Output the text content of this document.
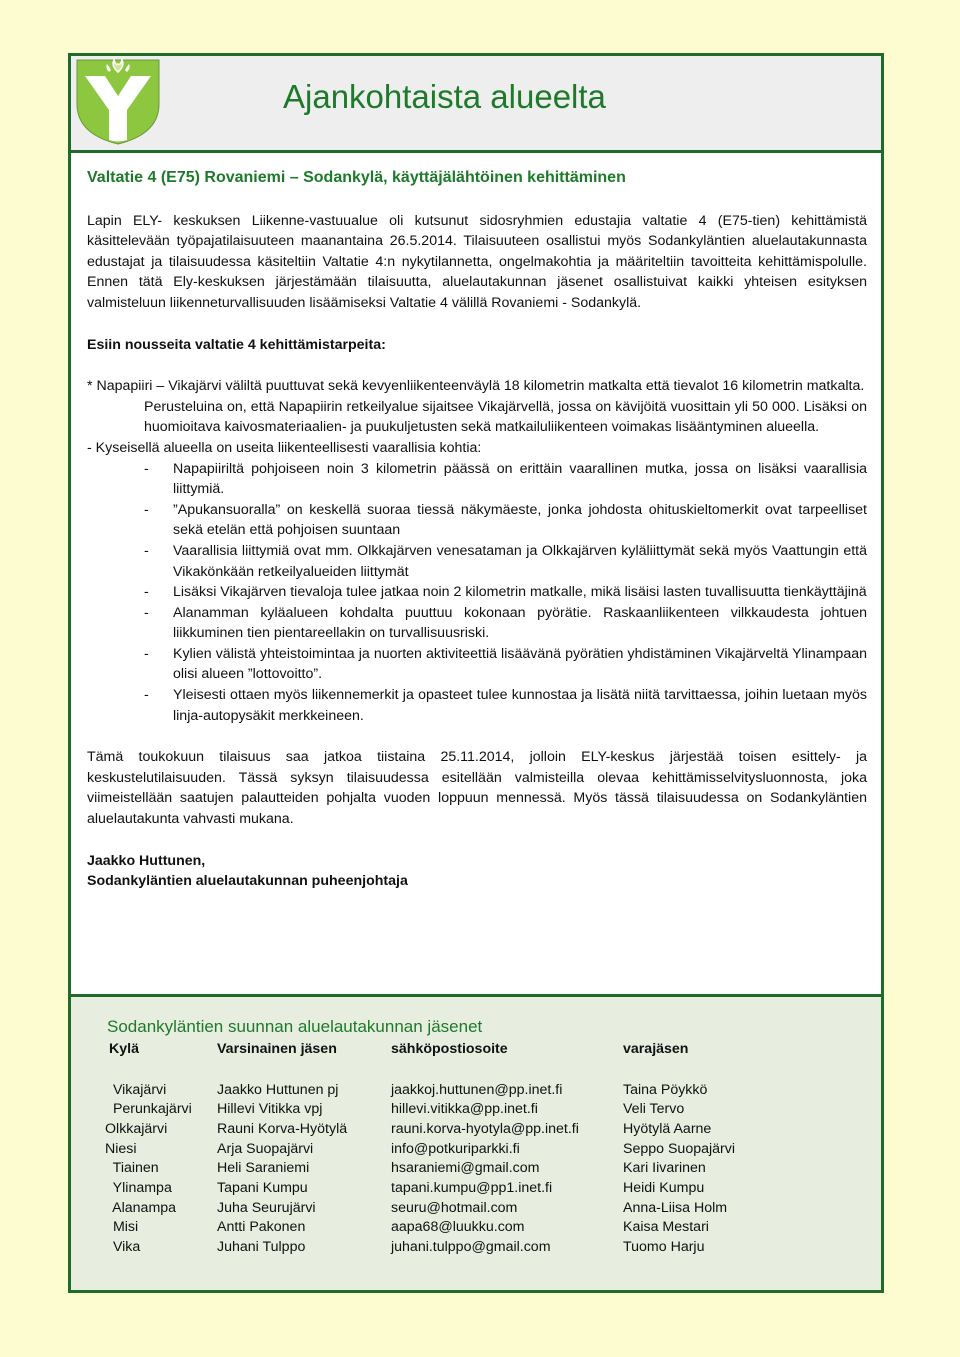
Ajankohtaista alueelta

Valtatie 4 (E75) Rovaniemi – Sodankylä, käyttäjälähtöinen kehittäminen

Lapin ELY- keskuksen Liikenne-vastuualue oli kutsunut sidosryhmien edustajia valtatie 4 (E75-tien) kehittämistä käsittelevään työpajatilaisuuteen maanantaina 26.5.2014. Tilaisuuteen osallistui myös Sodankyläntien aluelautakunnasta edustajat ja tilaisuudessa käsiteltiin Valtatie 4:n nykytilannetta, ongelmakohtia ja määriteltiin tavoitteita kehittämispolulle. Ennen tätä Ely-keskuksen järjestämään tilaisuutta, aluelautakunnan jäsenet osallistuivat kaikki yhteisen esityksen valmisteluun liikenneturvallisuuden lisäämiseksi Valtatie 4 välillä Rovaniemi - Sodankylä.

Esiin nousseita valtatie 4 kehittämistarpeita:

* Napapiiri – Vikajärvi väliltä puuttuvat sekä kevyenliikenteenväylä 18 kilometrin matkalta että tievalot 16 kilometrin matkalta.

Perusteluina on, että Napapiirin retkeilyalue sijaitsee Vikajärvellä, jossa on kävijöitä vuosittain yli 50 000. Lisäksi on huomioitava kaivosmateriaalien- ja puukuljetusten sekä matkailuliikenteen voimakas lisääntyminen alueella.

- Kyseisellä alueella on useita liikenteellisesti vaarallisia kohtia:

-	Napapiiriltä pohjoiseen noin 3 kilometrin päässä on erittäin vaarallinen mutka, jossa on lisäksi vaarallisia liittymiä.
-	”Apukansuoralla” on keskellä suoraa tiessä näkymäeste, jonka johdosta ohituskieltomerkit ovat tarpeelliset sekä etelän että pohjoisen suuntaan
-	Vaarallisia liittymiä ovat mm. Olkkajärven venesataman ja Olkkajärven kyläliittymät sekä myös Vaattungin että Vikakönkään retkeilyalueiden liittymät
-	Lisäksi Vikajärven tievaloja tulee jatkaa noin 2 kilometrin matkalle, mikä lisäisi lasten tuvallisuutta tienkäyttäjinä
-	Alanamman kyläalueen kohdalta puuttuu kokonaan pyörätie. Raskaanliikenteen vilkkaudesta johtuen liikkuminen tien pientareellakin on turvallisuusriski.
-	Kylien välistä yhteistoimintaa ja nuorten aktiviteettiä lisäävänä pyörätien yhdistäminen Vikajärveltä Ylinampaan olisi alueen ”lottovoitto”.
-	Yleisesti ottaen myös liikennemerkit ja opasteet tulee kunnostaa ja lisätä niitä tarvittaessa, joihin luetaan myös linja-autopysäkit merkkeineen.

Tämä toukokuun tilaisuus saa jatkoa tiistaina 25.11.2014, jolloin ELY-keskus järjestää toisen esittely- ja keskustelutilaisuuden. Tässä syksyn tilaisuudessa esitellään valmisteilla olevaa kehittämisselvitysluonnosta, joka viimeistellään saatujen palautteiden pohjalta vuoden loppuun mennessä. Myös tässä tilaisuudessa on Sodankyläntien aluelautakunta vahvasti mukana.

Jaakko Huttunen,

Sodankyläntien aluelautakunnan puheenjohtaja

Sodankyläntien suunnan aluelautakunnan jäsenet
Kylä	Varsinainen jäsen	sähköpostiosoite	varajäsen

Vikajärvi	Jaakko Huttunen pj	jaakkoj.huttunen@pp.inet.fi	Taina Pöykkö
Perunkajärvi	Hillevi Vitikka vpj	hillevi.vitikka@pp.inet.fi	Veli Tervo
Olkkajärvi	Rauni Korva-Hyötylä	rauni.korva-hyotyla@pp.inet.fi	Hyötylä Aarne
Niesi	Arja Suopajärvi	info@potkuriparkki.fi	Seppo Suopajärvi
Tiainen	Heli Saraniemi	hsaraniemi@gmail.com	Kari Iivarinen
Ylinampa	Tapani Kumpu	tapani.kumpu@pp1.inet.fi	Heidi Kumpu
Alanampa	Juha Seurujärvi	seuru@hotmail.com	Anna-Liisa Holm
Misi	Antti Pakonen	aapa68@luukku.com	Kaisa Mestari
Vika	Juhani Tulppo	juhani.tulppo@gmail.com	Tuomo Harju
